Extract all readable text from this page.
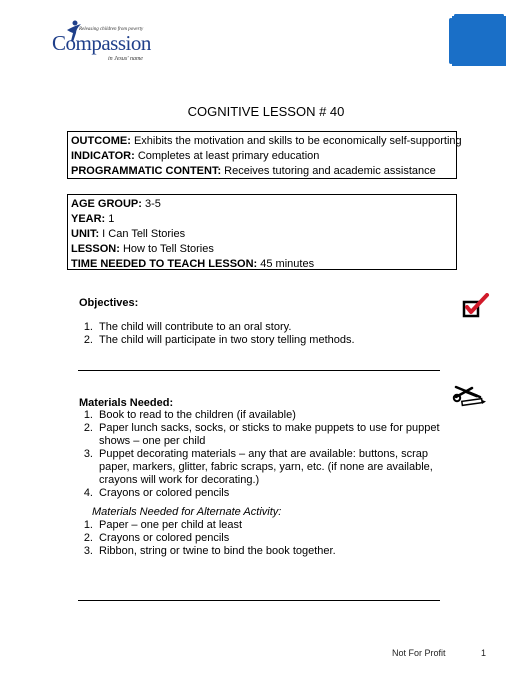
Releasing children from poverty
Compassion
in Jesus' name
COGNITIVE LESSON # 40
OUTCOME: Exhibits the motivation and skills to be economically self-supporting
INDICATOR: Completes at least primary education
PROGRAMMATIC CONTENT: Receives tutoring and academic assistance
AGE GROUP: 3-5
YEAR: 1
UNIT: I Can Tell Stories
LESSON: How to Tell Stories
TIME NEEDED TO TEACH LESSON: 45 minutes
Objectives:
1. The child will contribute to an oral story.
2. The child will participate in two story telling methods.
Materials Needed:
1. Book to read to the children (if available)
2. Paper lunch sacks, socks, or sticks to make puppets to use for puppet
shows – one per child
3. Puppet decorating materials – any that are available: buttons, scrap
paper, markers, glitter, fabric scraps, yarn, etc. (if none are available,
crayons will work for decorating.)
4. Crayons or colored pencils
Materials Needed for Alternate Activity:
1. Paper – one per child at least
2. Crayons or colored pencils
3. Ribbon, string or twine to bind the book together.
Not For Profit	1
